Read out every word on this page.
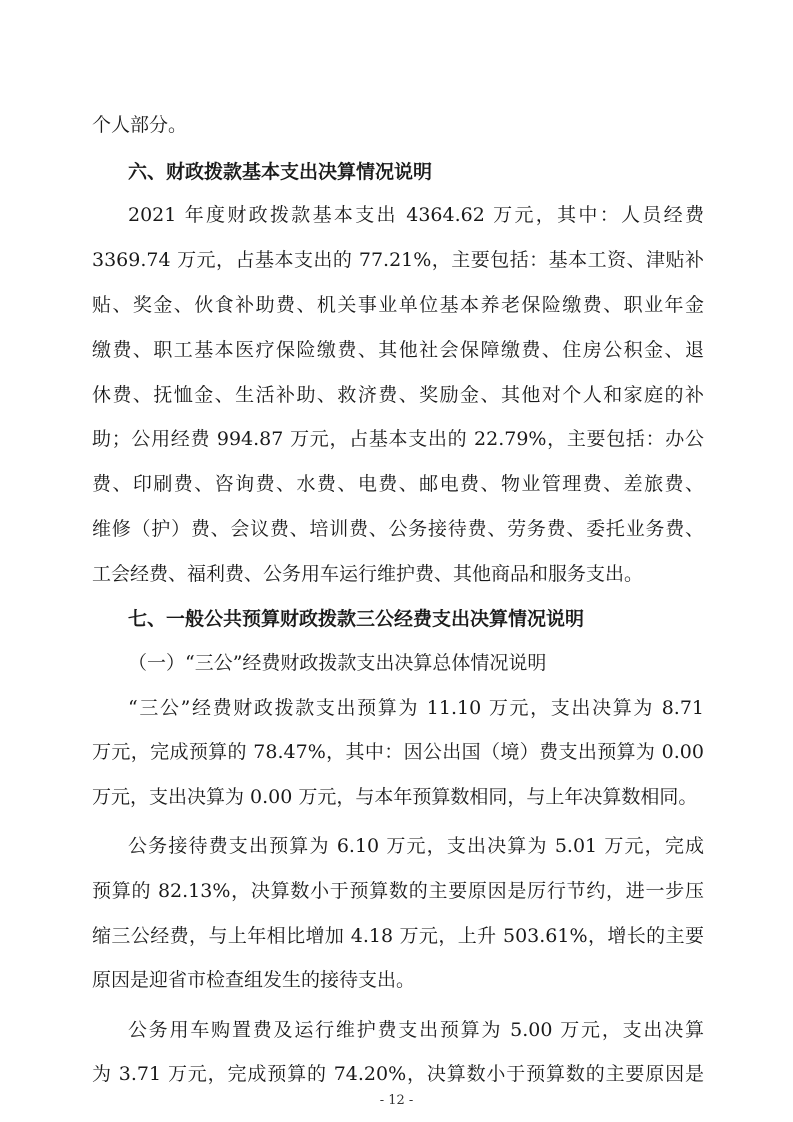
个人部分。
六、财政拨款基本支出决算情况说明
2021 年度财政拨款基本支出 4364.62 万元，其中：人员经费
3369.74 万元，占基本支出的 77.21%，主要包括：基本工资、津贴补
贴、奖金、伙食补助费、机关事业单位基本养老保险缴费、职业年金
缴费、职工基本医疗保险缴费、其他社会保障缴费、住房公积金、退
休费、抚恤金、生活补助、救济费、奖励金、其他对个人和家庭的补
助；公用经费 994.87 万元，占基本支出的 22.79%，主要包括：办公
费、印刷费、咨询费、水费、电费、邮电费、物业管理费、差旅费、
维修（护）费、会议费、培训费、公务接待费、劳务费、委托业务费、
工会经费、福利费、公务用车运行维护费、其他商品和服务支出。
七、一般公共预算财政拨款三公经费支出决算情况说明
（一）“三公”经费财政拨款支出决算总体情况说明
“三公”经费财政拨款支出预算为 11.10 万元，支出决算为 8.71
万元，完成预算的 78.47%，其中：因公出国（境）费支出预算为 0.00
万元，支出决算为 0.00 万元，与本年预算数相同，与上年决算数相同。
公务接待费支出预算为 6.10 万元，支出决算为 5.01 万元，完成
预算的 82.13%，决算数小于预算数的主要原因是厉行节约，进一步压
缩三公经费，与上年相比增加 4.18 万元，上升 503.61%，增长的主要
原因是迎省市检查组发生的接待支出。
公务用车购置费及运行维护费支出预算为 5.00 万元，支出决算
为 3.71 万元，完成预算的 74.20%，决算数小于预算数的主要原因是
- 12 -
